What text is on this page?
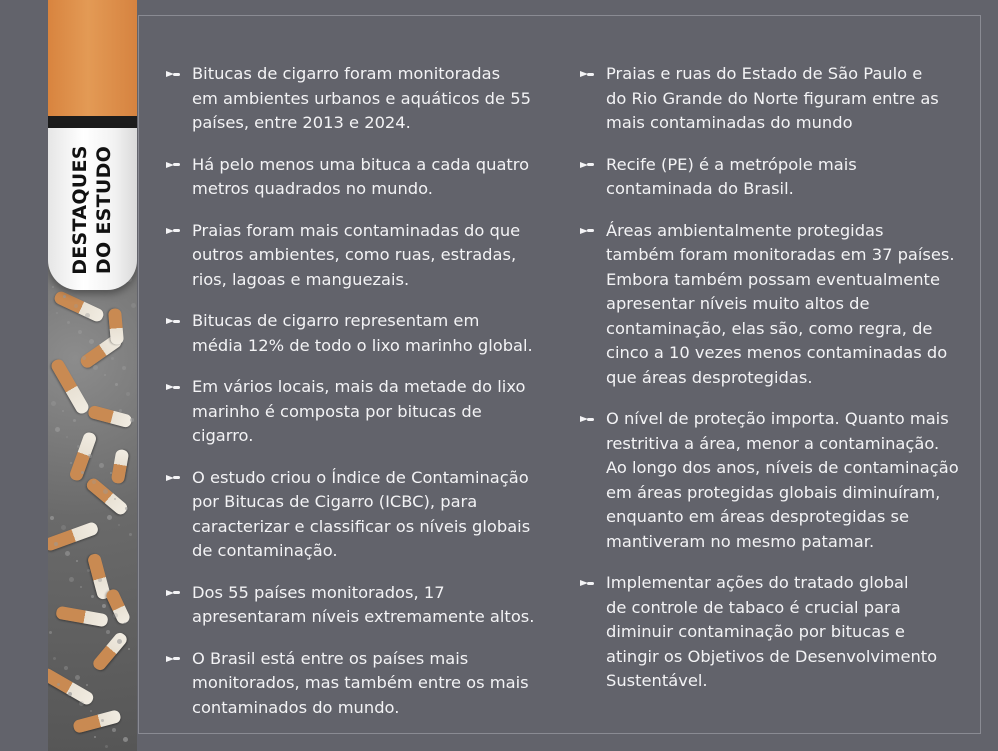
DESTAQUES DO ESTUDO
Bitucas de cigarro foram monitoradas
em ambientes urbanos e aquáticos de 55
países, entre 2013 e 2024.
Há pelo menos uma bituca a cada quatro
metros quadrados no mundo.
Praias foram mais contaminadas do que
outros ambientes, como ruas, estradas,
rios, lagoas e manguezais.
Bitucas de cigarro representam em
média 12% de todo o lixo marinho global.
Em vários locais, mais da metade do lixo
marinho é composta por bitucas de cigarro.
O estudo criou o Índice de Contaminação
por Bitucas de Cigarro (ICBC), para
caracterizar e classificar os níveis globais
de contaminação.
Dos 55 países monitorados, 17
apresentaram níveis extremamente altos.
O Brasil está entre os países mais
monitorados, mas também entre os mais
contaminados do mundo.
Praias e ruas do Estado de São Paulo e
do Rio Grande do Norte figuram entre as
mais contaminadas do mundo
Recife (PE) é a metrópole mais
contaminada do Brasil.
Áreas ambientalmente protegidas
também foram monitoradas em 37 países.
Embora também possam eventualmente
apresentar níveis muito altos de
contaminação, elas são, como regra, de
cinco a 10 vezes menos contaminadas do
que áreas desprotegidas.
O nível de proteção importa. Quanto mais
restritiva a área, menor a contaminação.
Ao longo dos anos, níveis de contaminação
em áreas protegidas globais diminuíram,
enquanto em áreas desprotegidas se
mantiveram no mesmo patamar.
Implementar ações do tratado global
de controle de tabaco é crucial para
diminuir contaminação por bitucas e
atingir os Objetivos de Desenvolvimento
Sustentável.
